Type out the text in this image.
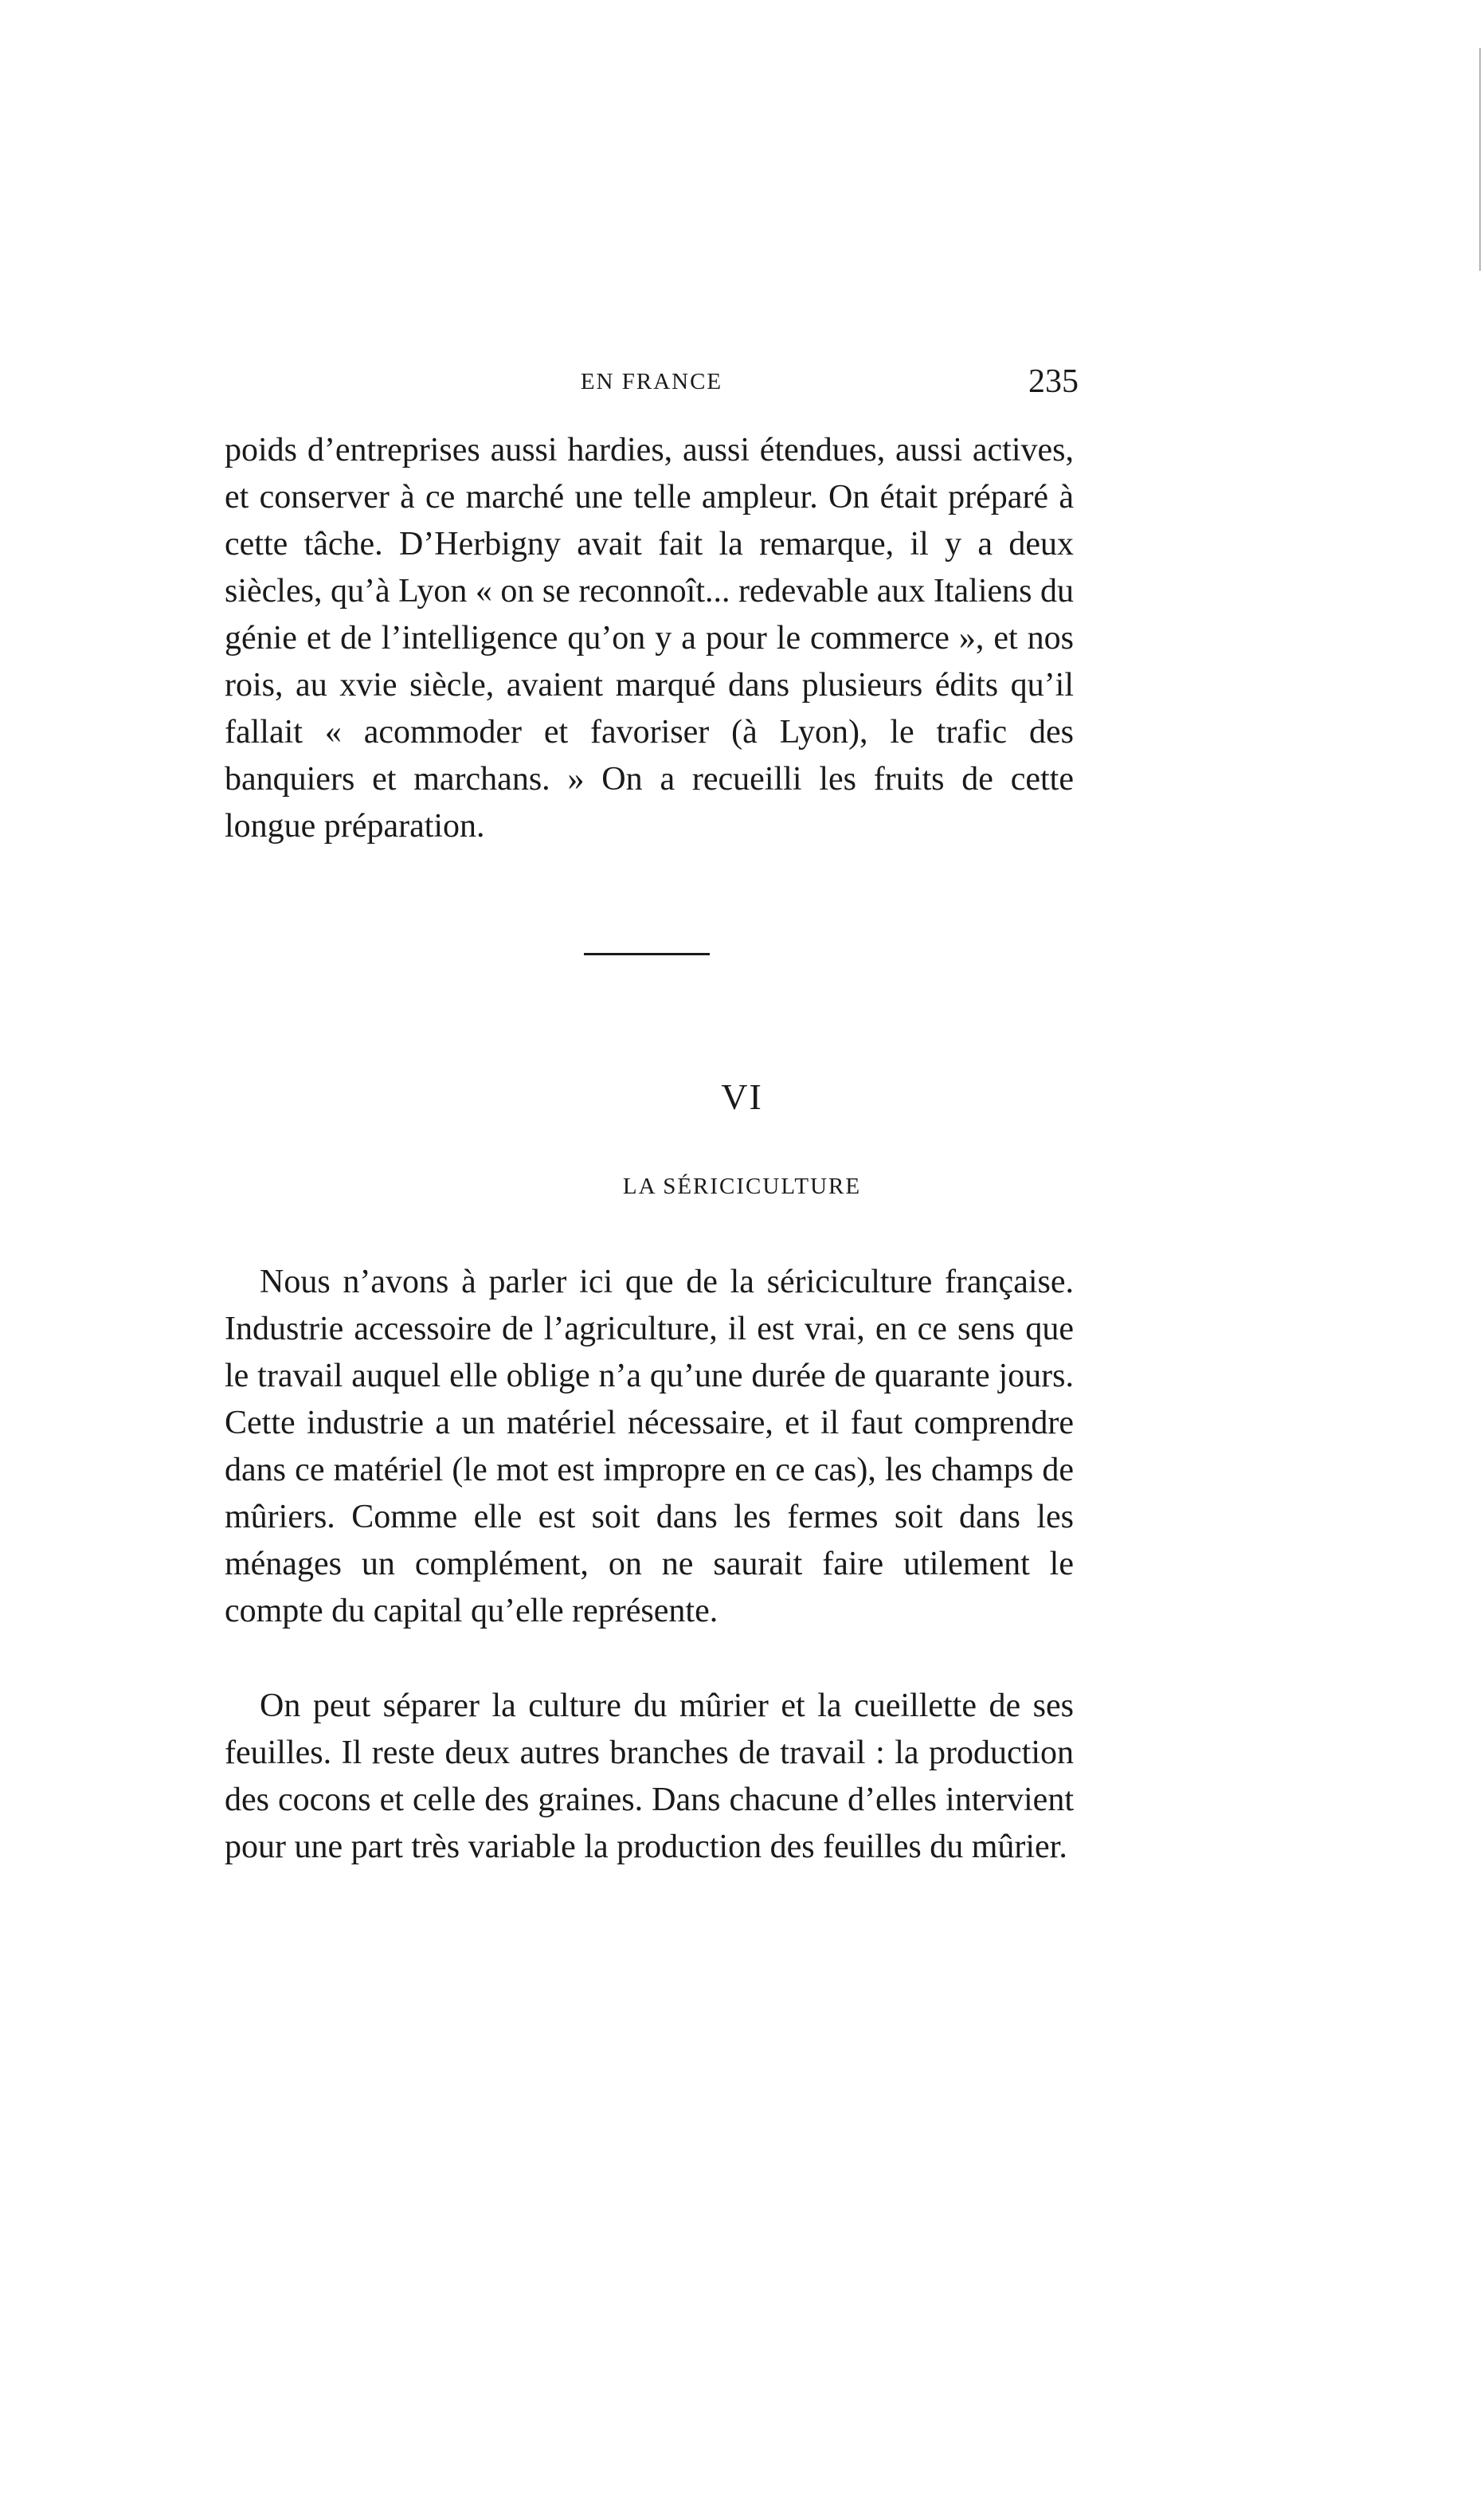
EN FRANCE	235

poids d’entreprises aussi hardies, aussi étendues, aussi actives, et conserver à ce marché une telle ampleur. On était préparé à cette tâche. D’Herbigny avait fait la remarque, il y a deux siècles, qu’à Lyon « on se reconnoît... redevable aux Italiens du génie et de l’intelligence qu’on y a pour le commerce », et nos rois, au xvie siècle, avaient marqué dans plusieurs édits qu’il fallait « acommoder et favoriser (à Lyon), le trafic des banquiers et marchans. » On a recueilli les fruits de cette longue préparation.

VI
LA SÉRICICULTURE

Nous n’avons à parler ici que de la sériciculture française. Industrie accessoire de l’agriculture, il est vrai, en ce sens que le travail auquel elle oblige n’a qu’une durée de quarante jours. Cette industrie a un matériel nécessaire, et il faut comprendre dans ce matériel (le mot est impropre en ce cas), les champs de mûriers. Comme elle est soit dans les fermes soit dans les ménages un complément, on ne saurait faire utilement le compte du capital qu’elle représente.

On peut séparer la culture du mûrier et la cueillette de ses feuilles. Il reste deux autres branches de travail : la production des cocons et celle des graines. Dans chacune d’elles intervient pour une part très variable la production des feuilles du mûrier.
